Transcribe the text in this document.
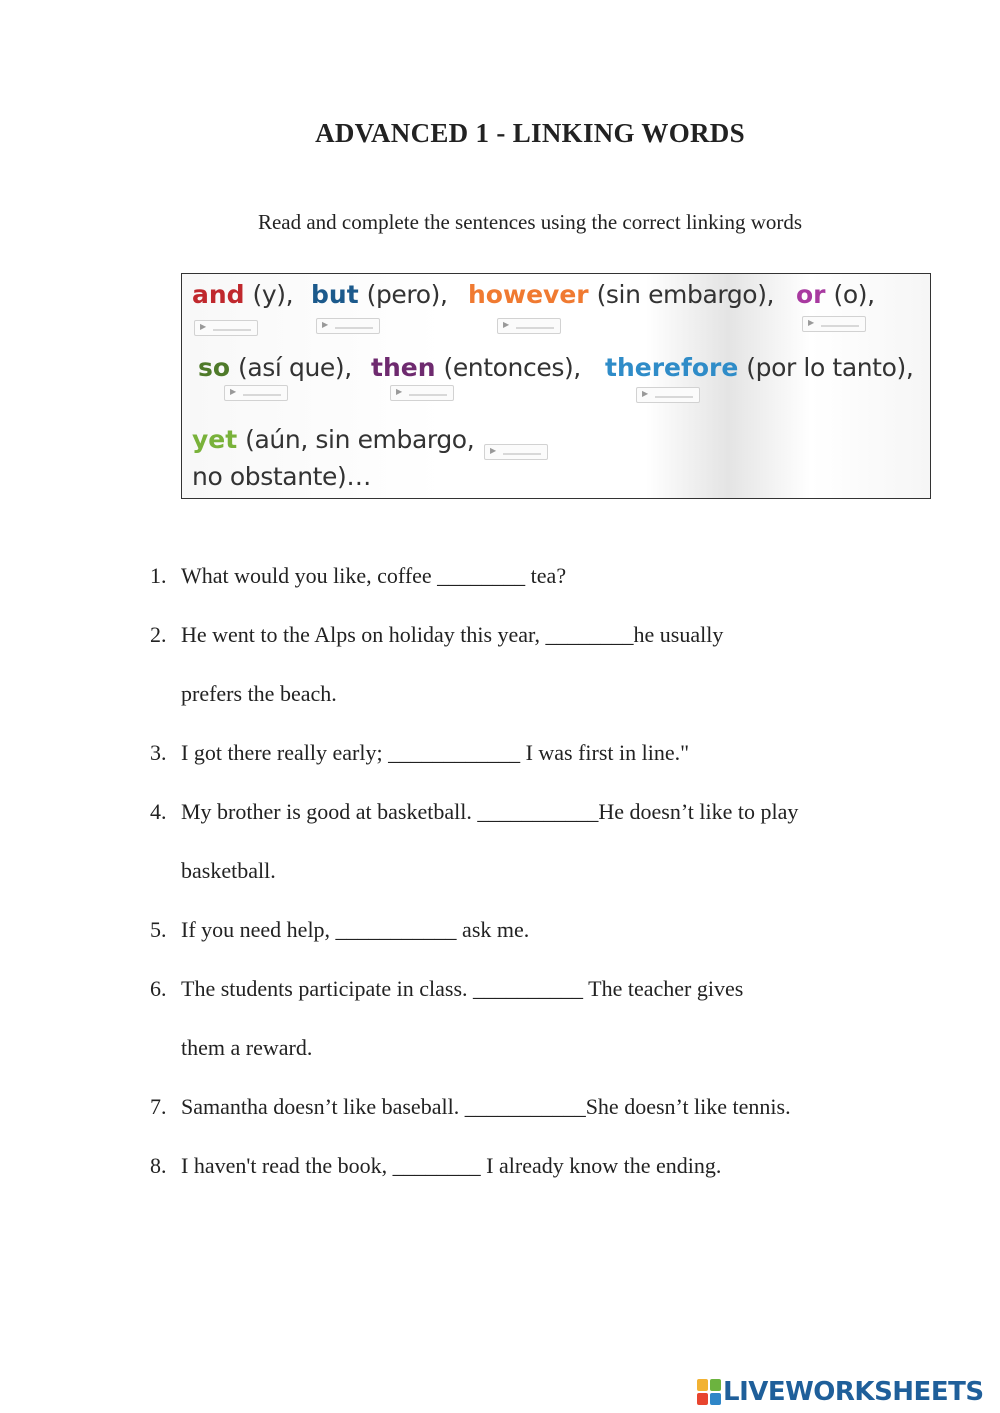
ADVANCED 1 - LINKING WORDS
Read and complete the sentences using the correct linking words
and (y),
▶
but (pero),
▶
however (sin embargo),
▶
or (o),
▶
so (así que),
▶
then (entonces),
▶
therefore (por lo tanto),
▶
yet (aún, sin embargo,
no obstante)…
▶
1. What would you like, coffee ________ tea?
2. He went to the Alps on holiday this year, ________he usually
prefers the beach.
3. I got there really early; ____________ I was first in line."
4. My brother is good at basketball. ___________He doesn’t like to play
basketball.
5. If you need help, ___________ ask me.
6. The students participate in class. __________ The teacher gives
them a reward.
7. Samantha doesn’t like baseball. ___________She doesn’t like tennis.
8. I haven't read the book, ________ I already know the ending.
LIVEWORKSHEETS
